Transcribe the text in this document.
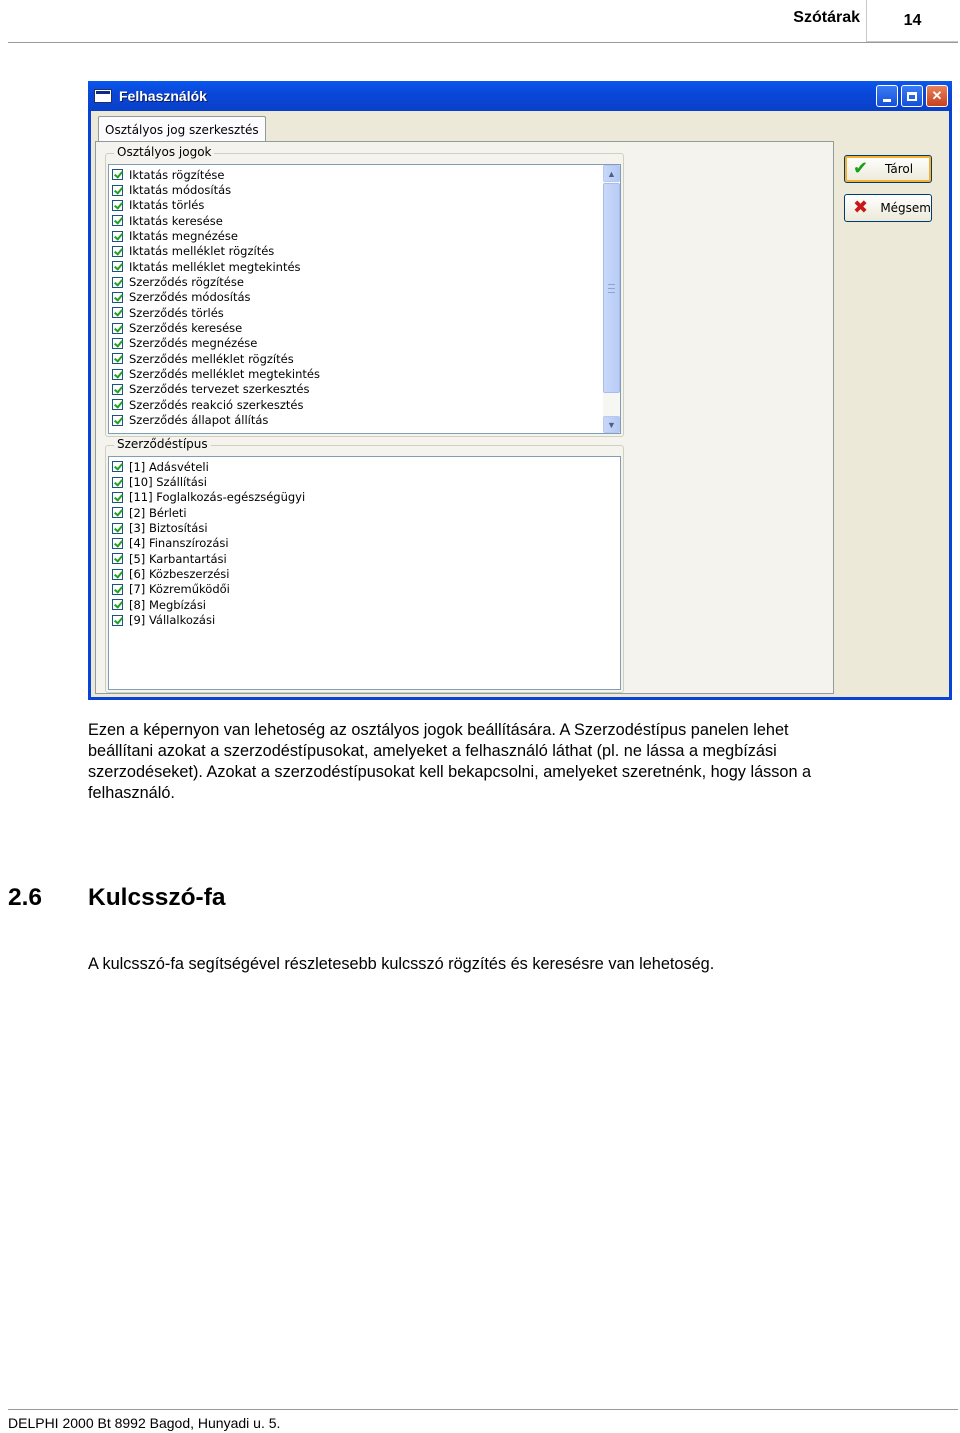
Szótárak	14
Felhasználók	✕
Osztályos jog szerkesztés
Osztályos jogok
Iktatás rögzítése
Iktatás módosítás
Iktatás törlés
Iktatás keresése
Iktatás megnézése
Iktatás melléklet rögzítés
Iktatás melléklet megtekintés
Szerződés rögzítése
Szerződés módosítás
Szerződés törlés
Szerződés keresése
Szerződés megnézése
Szerződés melléklet rögzítés
Szerződés melléklet megtekintés
Szerződés tervezet szerkesztés
Szerződés reakció szerkesztés
Szerződés állapot állítás
▲
▼
Szerződéstípus
[1] Adásvételi
[10] Szállítási
[11] Foglalkozás-egészségügyi
[2] Bérleti
[3] Biztosítási
[4] Finanszírozási
[5] Karbantartási
[6] Közbeszerzési
[7] Közreműködői
[8] Megbízási
[9] Vállalkozási
✔	Tárol
✖ Mégsem
Ezen a képernyon van lehetoség az osztályos jogok beállítására. A Szerzodéstípus panelen lehet
beállítani azokat a szerzodéstípusokat, amelyeket a felhasználó láthat (pl. ne lássa a megbízási
szerzodéseket). Azokat a szerzodéstípusokat kell bekapcsolni, amelyeket szeretnénk, hogy lásson a
felhasználó.
2.6	Kulcsszó-fa
A kulcsszó-fa segítségével részletesebb kulcsszó rögzítés és keresésre van lehetoség.
DELPHI 2000 Bt 8992 Bagod, Hunyadi u. 5.
